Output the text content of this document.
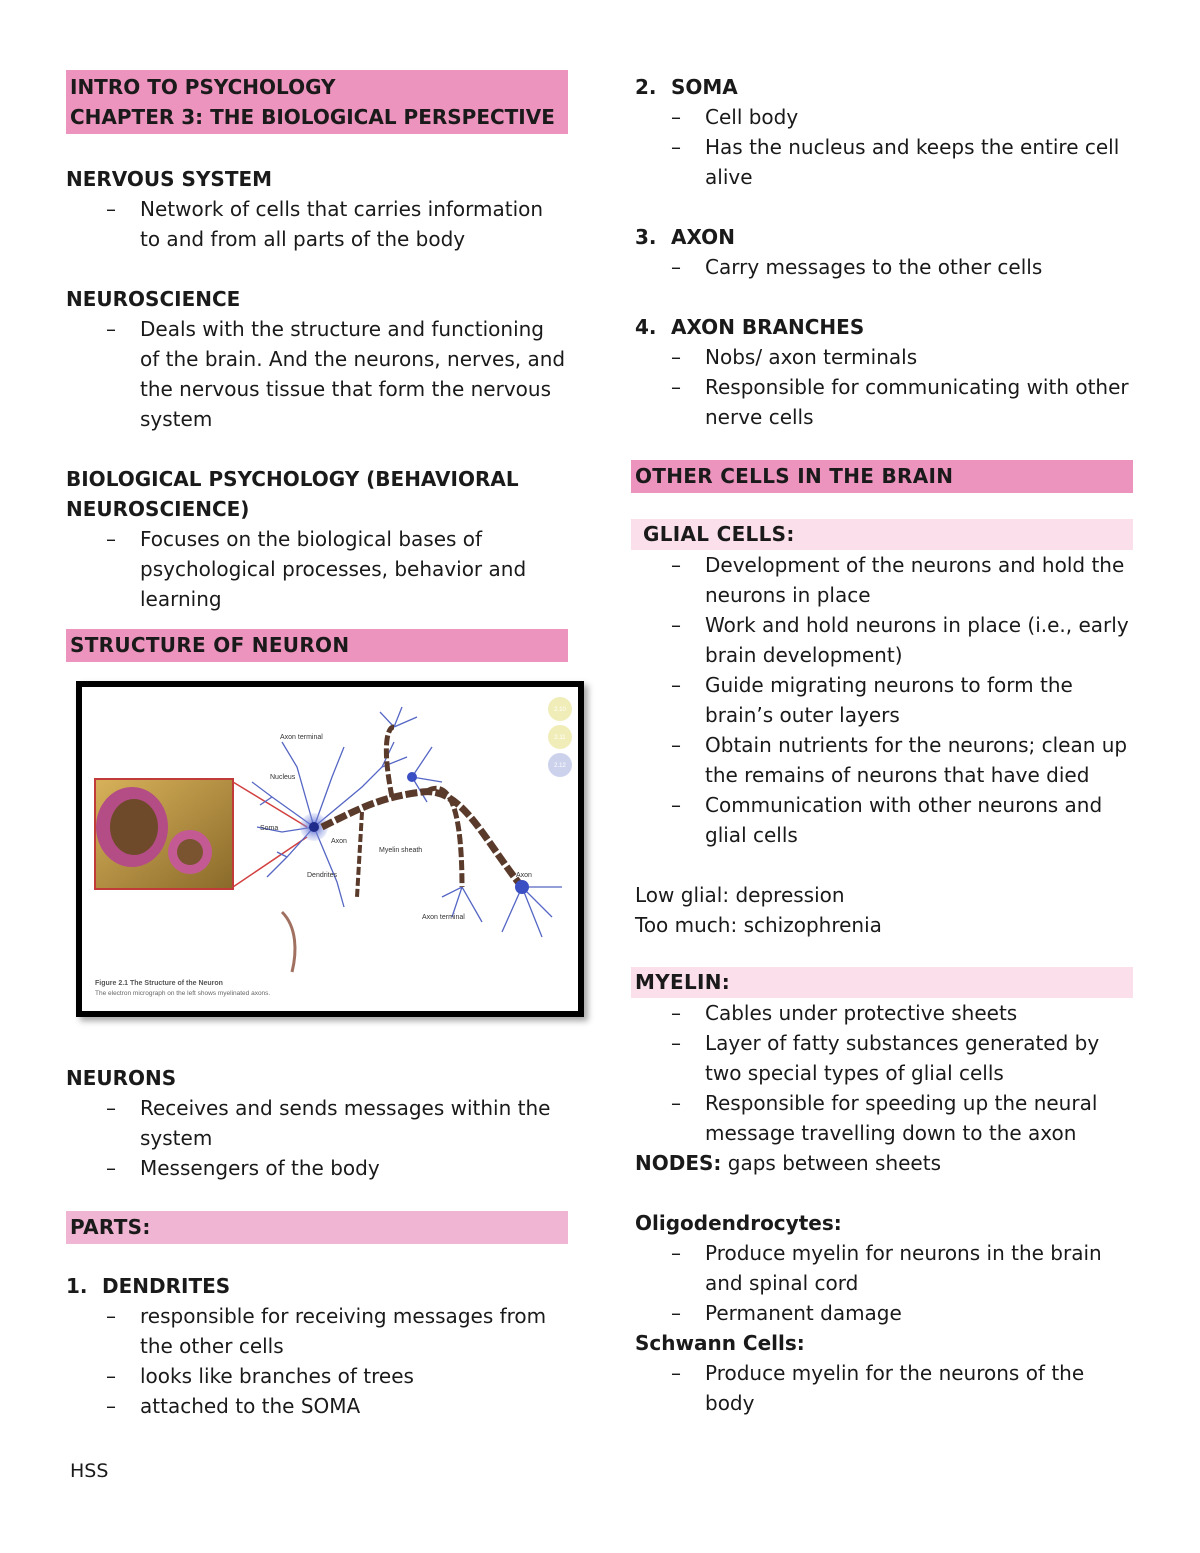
INTRO TO PSYCHOLOGY
CHAPTER 3: THE BIOLOGICAL PERSPECTIVE
NERVOUS SYSTEM
– Network of cells that carries information
to and from all parts of the body
NEUROSCIENCE
– Deals with the structure and functioning
of the brain. And the neurons, nerves, and
the nervous tissue that form the nervous
system
BIOLOGICAL PSYCHOLOGY (BEHAVIORAL
NEUROSCIENCE)
– Focuses on the biological bases of
psychological processes, behavior and
learning
STRUCTURE OF NEURON
Axon terminal
Nucleus
Soma
Axon
Dendrites
Myelin sheath
Axon
Axon terminal
2.10
2.11
2.12
Figure 2.1 The Structure of the Neuron
The electron micrograph on the left shows myelinated axons.
NEURONS
– Receives and sends messages within the
system
– Messengers of the body
PARTS:
1. DENDRITES
– responsible for receiving messages from
the other cells
– looks like branches of trees
– attached to the SOMA
2. SOMA
– Cell body
– Has the nucleus and keeps the entire cell
alive
3. AXON
– Carry messages to the other cells
4. AXON BRANCHES
– Nobs/ axon terminals
– Responsible for communicating with other
nerve cells
OTHER CELLS IN THE BRAIN
GLIAL CELLS:
– Development of the neurons and hold the
neurons in place
– Work and hold neurons in place (i.e., early
brain development)
– Guide migrating neurons to form the
brain’s outer layers
– Obtain nutrients for the neurons; clean up
the remains of neurons that have died
– Communication with other neurons and
glial cells
Low glial: depression
Too much: schizophrenia
MYELIN:
– Cables under protective sheets
– Layer of fatty substances generated by
two special types of glial cells
– Responsible for speeding up the neural
message travelling down to the axon
NODES: gaps between sheets
Oligodendrocytes:
– Produce myelin for neurons in the brain
and spinal cord
– Permanent damage
Schwann Cells:
– Produce myelin for the neurons of the
body
HSS
